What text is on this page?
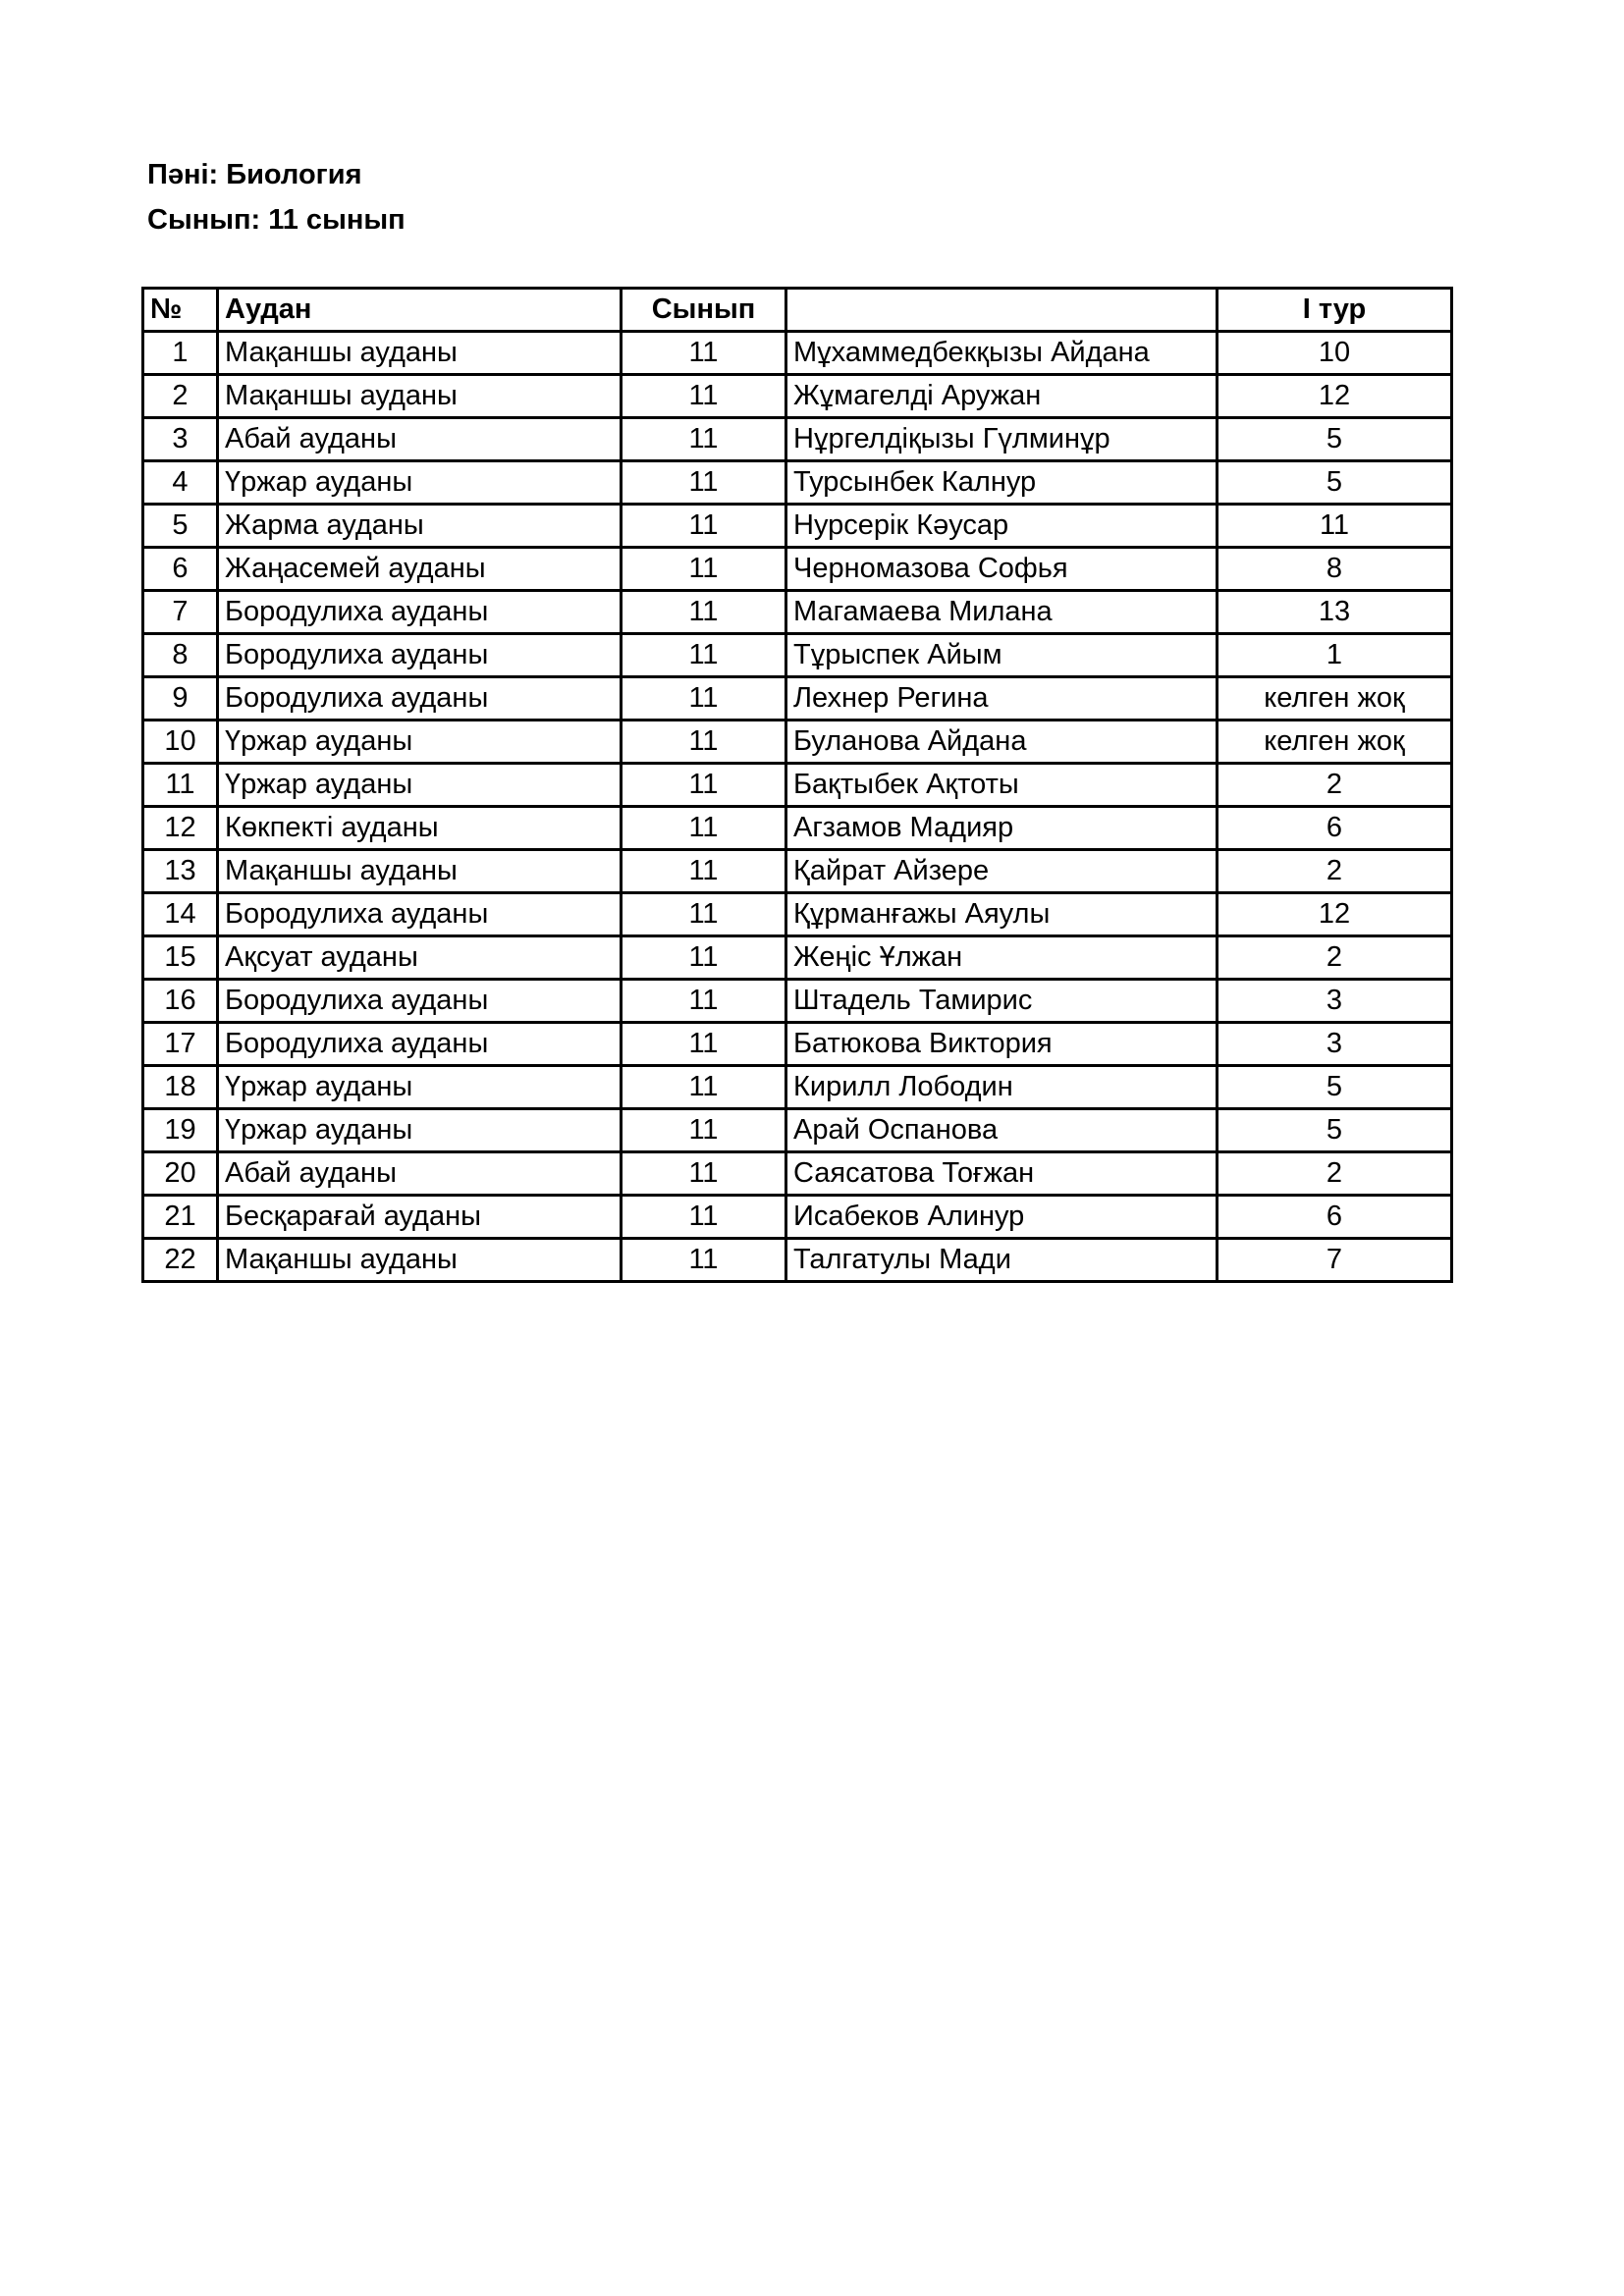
Пәні: Биология
Сынып: 11 сынып
№	Аудан	Сынып		I тур
1	Мақаншы ауданы	11	Мұхаммедбекқызы Айдана	10
2	Мақаншы ауданы	11	Жұмагелді Аружан	12
3	Абай ауданы	11	Нұргелдіқызы Гүлминұр	5
4	Үржар ауданы	11	Турсынбек Калнур	5
5	Жарма ауданы	11	Нурсерік Кәусар	11
6	Жаңасемей ауданы	11	Черномазова Софья	8
7	Бородулиха ауданы	11	Магамаева Милана	13
8	Бородулиха ауданы	11	Тұрыспек Айым	1
9	Бородулиха ауданы	11	Лехнер Регина	келген жоқ
10	Үржар ауданы	11	Буланова Айдана	келген жоқ
11	Үржар ауданы	11	Бақтыбек Ақтоты	2
12	Көкпекті ауданы	11	Агзамов Мадияр	6
13	Мақаншы ауданы	11	Қайрат Айзере	2
14	Бородулиха ауданы	11	Құрманғажы Аяулы	12
15	Ақсуат ауданы	11	Жеңіс Ұлжан	2
16	Бородулиха ауданы	11	Штадель Тамирис	3
17	Бородулиха ауданы	11	Батюкова Виктория	3
18	Үржар ауданы	11	Кирилл Лободин	5
19	Үржар ауданы	11	Арай Оспанова	5
20	Абай ауданы	11	Саясатова Тоғжан	2
21	Бесқарағай ауданы	11	Исабеков Алинур	6
22	Мақаншы ауданы	11	Талгатулы Мади	7
